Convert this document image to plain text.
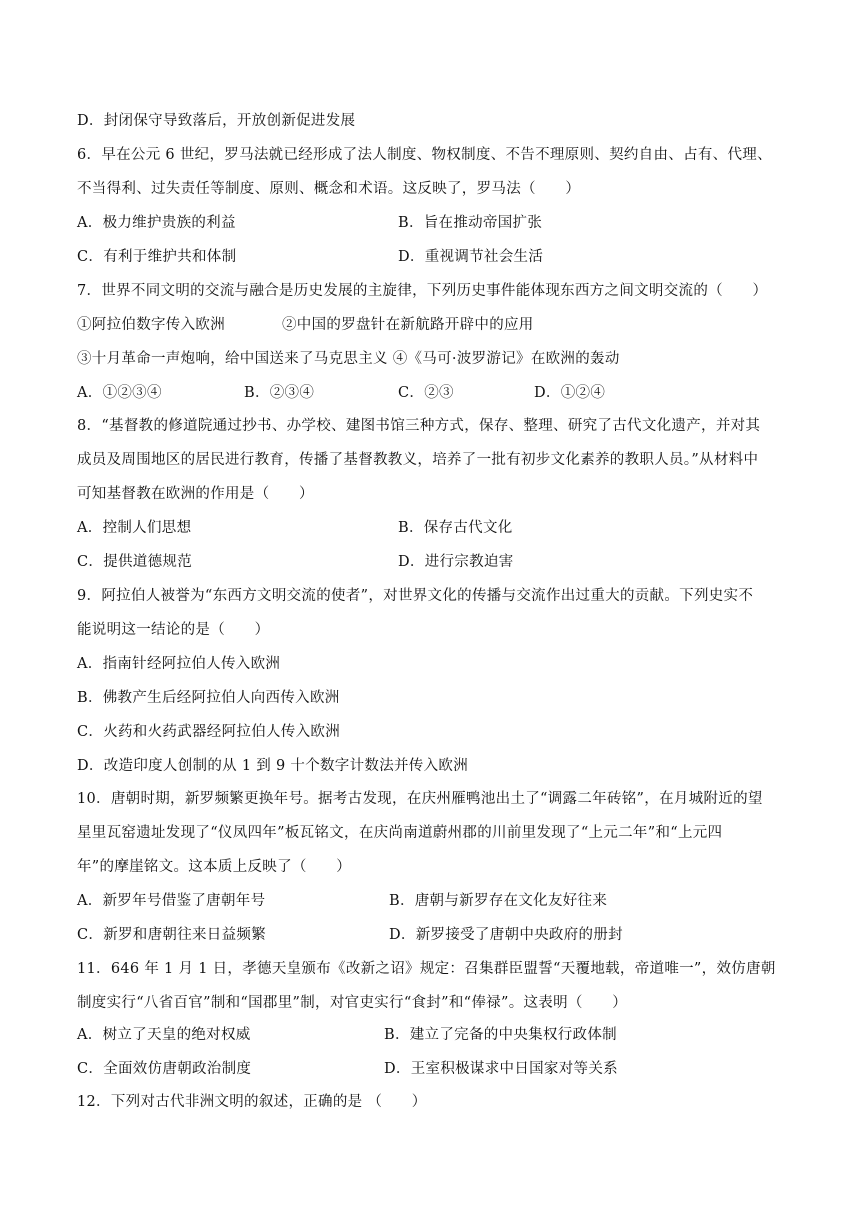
D．封闭保守导致落后，开放创新促进发展
6．早在公元 6 世纪，罗马法就已经形成了法人制度、物权制度、不告不理原则、契约自由、占有、代理、
不当得利、过失责任等制度、原则、概念和术语。这反映了，罗马法（　　）
A．极力维护贵族的利益	B．旨在推动帝国扩张
C．有利于维护共和体制	D．重视调节社会生活
7．世界不同文明的交流与融合是历史发展的主旋律，下列历史事件能体现东西方之间文明交流的（　　）
①阿拉伯数字传入欧洲	②中国的罗盘针在新航路开辟中的应用
③十月革命一声炮响，给中国送来了马克思主义 ④《马可·波罗游记》在欧洲的轰动
A．①②③④	B．②③④	C．②③	D．①②④
8．“基督教的修道院通过抄书、办学校、建图书馆三种方式，保存、整理、研究了古代文化遗产，并对其
成员及周围地区的居民进行教育，传播了基督教教义，培养了一批有初步文化素养的教职人员。”从材料中
可知基督教在欧洲的作用是（　　）
A．控制人们思想	B．保存古代文化
C．提供道德规范	D．进行宗教迫害
9．阿拉伯人被誉为“东西方文明交流的使者”，对世界文化的传播与交流作出过重大的贡献。下列史实不
能说明这一结论的是（　　）
A．指南针经阿拉伯人传入欧洲
B．佛教产生后经阿拉伯人向西传入欧洲
C．火药和火药武器经阿拉伯人传入欧洲
D．改造印度人创制的从 1 到 9 十个数字计数法并传入欧洲
10．唐朝时期，新罗频繁更换年号。据考古发现，在庆州雁鸭池出土了“调露二年砖铭”，在月城附近的望
星里瓦窑遗址发现了“仪凤四年”板瓦铭文，在庆尚南道蔚州郡的川前里发现了“上元二年”和“上元四
年”的摩崖铭文。这本质上反映了（　　）
A．新罗年号借鉴了唐朝年号	B．唐朝与新罗存在文化友好往来
C．新罗和唐朝往来日益频繁	D．新罗接受了唐朝中央政府的册封
11．646 年 1 月 1 日，孝德天皇颁布《改新之诏》规定：召集群臣盟誓“天覆地载，帝道唯一”，效仿唐朝
制度实行“八省百官”制和“国郡里”制，对官吏实行“食封”和“俸禄”。这表明（　　）
A．树立了天皇的绝对权威	B．建立了完备的中央集权行政体制
C．全面效仿唐朝政治制度	D．王室积极谋求中日国家对等关系
12．下列对古代非洲文明的叙述，正确的是 （　　）
